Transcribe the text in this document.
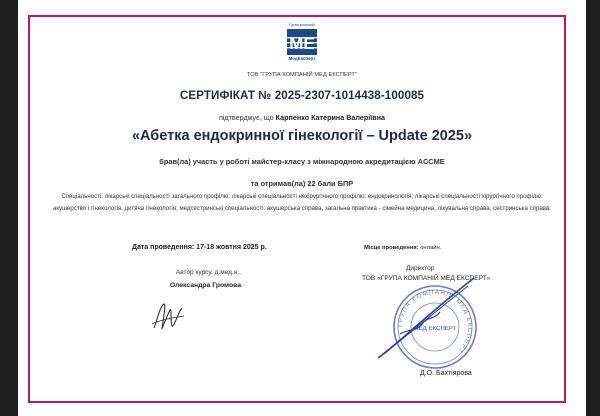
Група компаній
МЕ
МедЕксперт
ТОВ "ГРУПА КОМПАНІЙ МЕД ЕКСПЕРТ"
СЕРТИФІКАТ № 2025-2307-1014438-100085
підтверджує, що Карпенко Катерина Валеріївна
«Абетка ендокринної гінекології – Update 2025»
брав(ла) участь у роботі майстер-класу з міжнародною акредитацією ACCME
та отримав(ла) 22 бали БПР
Спеціальності: лікарські спеціальності загального профілю; лікарські спеціальності нехірургічного профілю: ендокринологія; лікарські спеціальності хірургічного профілю: акушерство і гінекологія, дитяча гінекологія; медсестринські спеціальності: акушерська справа, загальна практика - сімейна медицина, лікувальна справа, сестринська справа.
Дата проведення: 17-18 жовтня 2025 р.	Місце проведення: онлайн.
Автор курсу, д.мед.н.,
Олександра Громова
Директор
ТОВ «ГРУПА КОМПАНІЙ МЕД ЕКСПЕРТ»
ГРУПА КОМПАНІЙ МЕД ЕКСПЕРТ
МЕД ЕКСПЕРТ
Д.О. Бахтіярова
